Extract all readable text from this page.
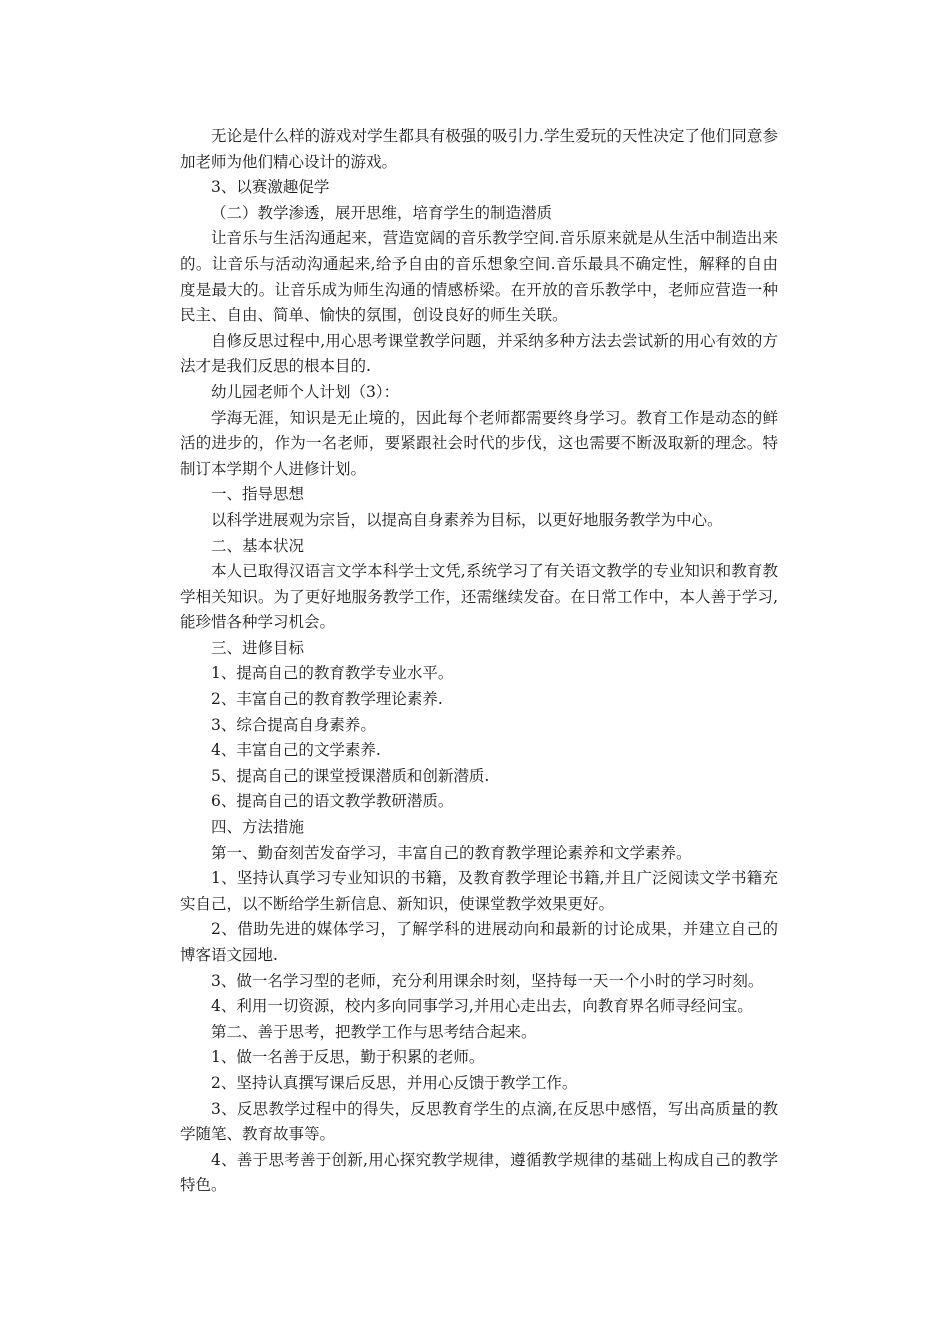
无论是什么样的游戏对学生都具有极强的吸引力.学生爱玩的天性决定了他们同意参加老师为他们精心设计的游戏。

3、以赛激趣促学

（二）教学渗透，展开思维，培育学生的制造潜质

让音乐与生活沟通起来，营造宽阔的音乐教学空间.音乐原来就是从生活中制造出来的。让音乐与活动沟通起来,给予自由的音乐想象空间.音乐最具不确定性，解释的自由度是最大的。让音乐成为师生沟通的情感桥梁。在开放的音乐教学中，老师应营造一种民主、自由、简单、愉快的氛围，创设良好的师生关联。

自修反思过程中,用心思考课堂教学问题，并采纳多种方法去尝试新的用心有效的方法才是我们反思的根本目的.

幼儿园老师个人计划（3）：

学海无涯，知识是无止境的，因此每个老师都需要终身学习。教育工作是动态的鲜活的进步的，作为一名老师，要紧跟社会时代的步伐，这也需要不断汲取新的理念。特制订本学期个人进修计划。

一、指导思想

以科学进展观为宗旨，以提高自身素养为目标，以更好地服务教学为中心。

二、基本状况

本人已取得汉语言文学本科学士文凭,系统学习了有关语文教学的专业知识和教育教学相关知识。为了更好地服务教学工作，还需继续发奋。在日常工作中，本人善于学习,能珍惜各种学习机会。

三、进修目标

1、提高自己的教育教学专业水平。

2、丰富自己的教育教学理论素养.

3、综合提高自身素养。

4、丰富自己的文学素养.

5、提高自己的课堂授课潜质和创新潜质.

6、提高自己的语文教学教研潜质。

四、方法措施

第一、勤奋刻苦发奋学习，丰富自己的教育教学理论素养和文学素养。

1、坚持认真学习专业知识的书籍，及教育教学理论书籍,并且广泛阅读文学书籍充实自己，以不断给学生新信息、新知识，使课堂教学效果更好。

2、借助先进的媒体学习，了解学科的进展动向和最新的讨论成果，并建立自己的博客语文园地.

3、做一名学习型的老师，充分利用课余时刻，坚持每一天一个小时的学习时刻。

4、利用一切资源，校内多向同事学习,并用心走出去，向教育界名师寻经问宝。

第二、善于思考，把教学工作与思考结合起来。

1、做一名善于反思，勤于积累的老师。

2、坚持认真撰写课后反思，并用心反馈于教学工作。

3、反思教学过程中的得失，反思教育学生的点滴,在反思中感悟，写出高质量的教学随笔、教育故事等。

4、善于思考善于创新,用心探究教学规律，遵循教学规律的基础上构成自己的教学特色。
